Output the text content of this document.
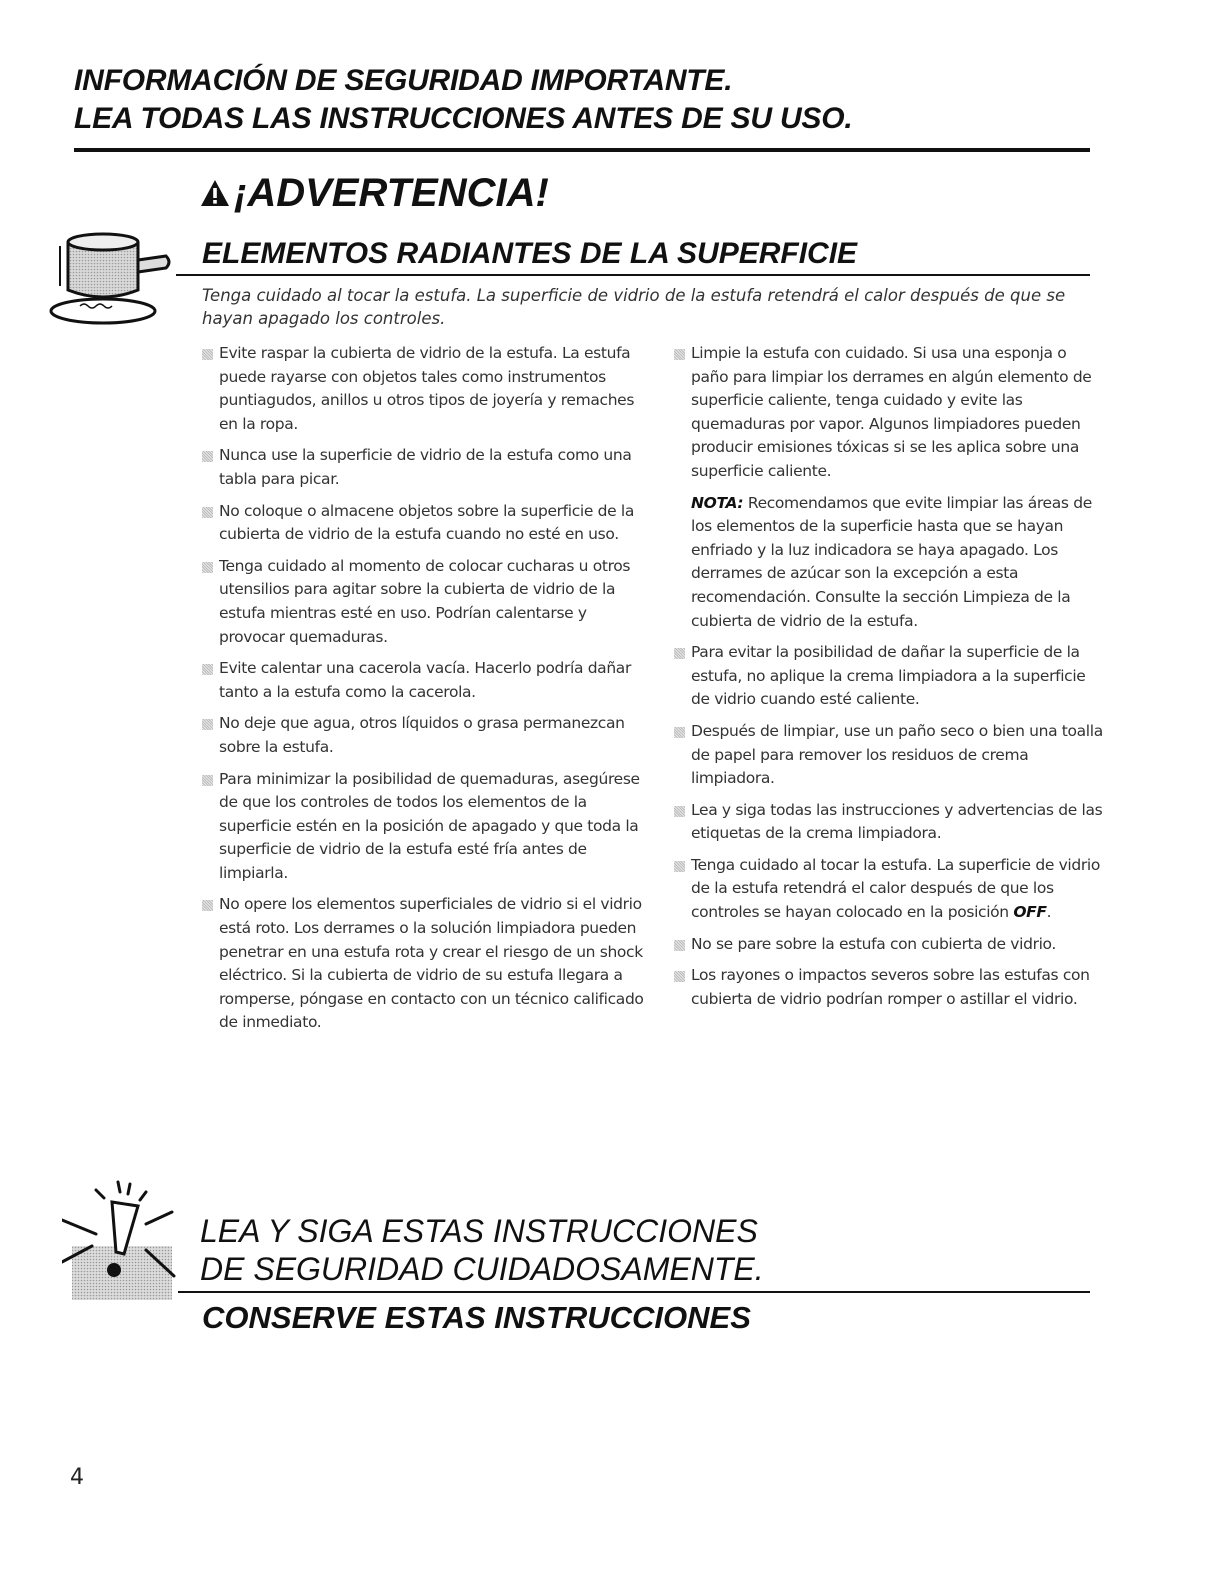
INFORMACIÓN DE SEGURIDAD IMPORTANTE.

LEA TODAS LAS INSTRUCCIONES ANTES DE SU USO.

¡ADVERTENCIA!
ELEMENTOS RADIANTES DE LA SUPERFICIE

Tenga cuidado al tocar la estufa. La superficie de vidrio de la estufa retendrá el calor después de que se hayan apagado los controles.

Evite raspar la cubierta de vidrio de la estufa. La estufa puede rayarse con objetos tales como instrumentos puntiagudos, anillos u otros tipos de joyería y remaches en la ropa.
Nunca use la superficie de vidrio de la estufa como una tabla para picar.
No coloque o almacene objetos sobre la superficie de la cubierta de vidrio de la estufa cuando no esté en uso.
Tenga cuidado al momento de colocar cucharas u otros utensilios para agitar sobre la cubierta de vidrio de la estufa mientras esté en uso. Podrían calentarse y provocar quemaduras.
Evite calentar una cacerola vacía. Hacerlo podría dañar tanto a la estufa como la cacerola.
No deje que agua, otros líquidos o grasa permanezcan sobre la estufa.
Para minimizar la posibilidad de quemaduras, asegúrese de que los controles de todos los elementos de la superficie estén en la posición de apagado y que toda la superficie de vidrio de la estufa esté fría antes de limpiarla.
No opere los elementos superficiales de vidrio si el vidrio está roto. Los derrames o la solución limpiadora pueden penetrar en una estufa rota y crear el riesgo de un shock eléctrico. Si la cubierta de vidrio de su estufa llegara a romperse, póngase en contacto con un técnico calificado de inmediato.
Limpie la estufa con cuidado. Si usa una esponja o paño para limpiar los derrames en algún elemento de superficie caliente, tenga cuidado y evite las quemaduras por vapor. Algunos limpiadores pueden producir emisiones tóxicas si se les aplica sobre una superficie caliente.
NOTA: Recomendamos que evite limpiar las áreas de los elementos de la superficie hasta que se hayan enfriado y la luz indicadora se haya apagado. Los derrames de azúcar son la excepción a esta recomendación. Consulte la sección Limpieza de la cubierta de vidrio de la estufa.
Para evitar la posibilidad de dañar la superficie de la estufa, no aplique la crema limpiadora a la superficie de vidrio cuando esté caliente.
Después de limpiar, use un paño seco o bien una toalla de papel para remover los residuos de crema limpiadora.
Lea y siga todas las instrucciones y advertencias de las etiquetas de la crema limpiadora.
Tenga cuidado al tocar la estufa. La superficie de vidrio de la estufa retendrá el calor después de que los controles se hayan colocado en la posición OFF.
No se pare sobre la estufa con cubierta de vidrio.
Los rayones o impactos severos sobre las estufas con cubierta de vidrio podrían romper o astillar el vidrio.
LEA Y SIGA ESTAS INSTRUCCIONES
DE SEGURIDAD CUIDADOSAMENTE.
CONSERVE ESTAS INSTRUCCIONES
4
